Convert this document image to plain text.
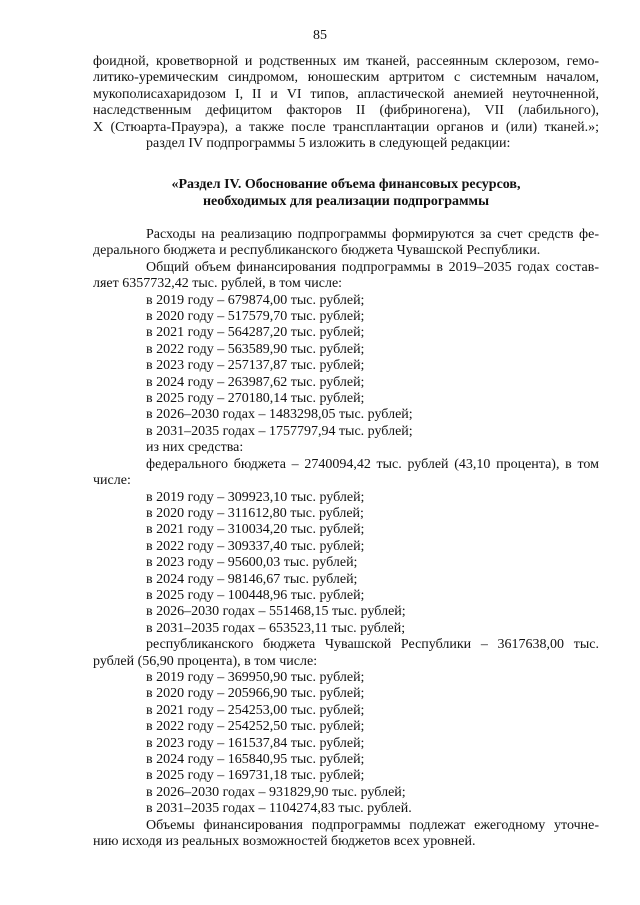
85
фоидной, кроветворной и родственных им тканей, рассеянным склерозом, гемо-
литико-уремическим синдромом, юношеским артритом с системным началом,
мукополисахаридозом I, II и VI типов, апластической анемией неуточненной,
наследственным дефицитом факторов II (фибриногена), VII (лабильного),
X (Стюарта-Прауэра), а также после трансплантации органов и (или) тканей.»;
раздел IV подпрограммы 5 изложить в следующей редакции:
«Раздел IV. Обоснование объема финансовых ресурсов,
необходимых для реализации подпрограммы
Расходы на реализацию подпрограммы формируются за счет средств фе-
дерального бюджета и республиканского бюджета Чувашской Республики.
Общий объем финансирования подпрограммы в 2019–2035 годах состав-
ляет 6357732,42 тыс. рублей, в том числе:
в 2019 году – 679874,00 тыс. рублей;
в 2020 году – 517579,70 тыс. рублей;
в 2021 году – 564287,20 тыс. рублей;
в 2022 году – 563589,90 тыс. рублей;
в 2023 году – 257137,87 тыс. рублей;
в 2024 году – 263987,62 тыс. рублей;
в 2025 году – 270180,14 тыс. рублей;
в 2026–2030 годах – 1483298,05 тыс. рублей;
в 2031–2035 годах – 1757797,94 тыс. рублей;
из них средства:
федерального бюджета – 2740094,42 тыс. рублей (43,10 процента), в том
числе:
в 2019 году – 309923,10 тыс. рублей;
в 2020 году – 311612,80 тыс. рублей;
в 2021 году – 310034,20 тыс. рублей;
в 2022 году – 309337,40 тыс. рублей;
в 2023 году – 95600,03 тыс. рублей;
в 2024 году – 98146,67 тыс. рублей;
в 2025 году – 100448,96 тыс. рублей;
в 2026–2030 годах – 551468,15 тыс. рублей;
в 2031–2035 годах – 653523,11 тыс. рублей;
республиканского бюджета Чувашской Республики – 3617638,00 тыс.
рублей (56,90 процента), в том числе:
в 2019 году – 369950,90 тыс. рублей;
в 2020 году – 205966,90 тыс. рублей;
в 2021 году – 254253,00 тыс. рублей;
в 2022 году – 254252,50 тыс. рублей;
в 2023 году – 161537,84 тыс. рублей;
в 2024 году – 165840,95 тыс. рублей;
в 2025 году – 169731,18 тыс. рублей;
в 2026–2030 годах – 931829,90 тыс. рублей;
в 2031–2035 годах – 1104274,83 тыс. рублей.
Объемы финансирования подпрограммы подлежат ежегодному уточне-
нию исходя из реальных возможностей бюджетов всех уровней.
